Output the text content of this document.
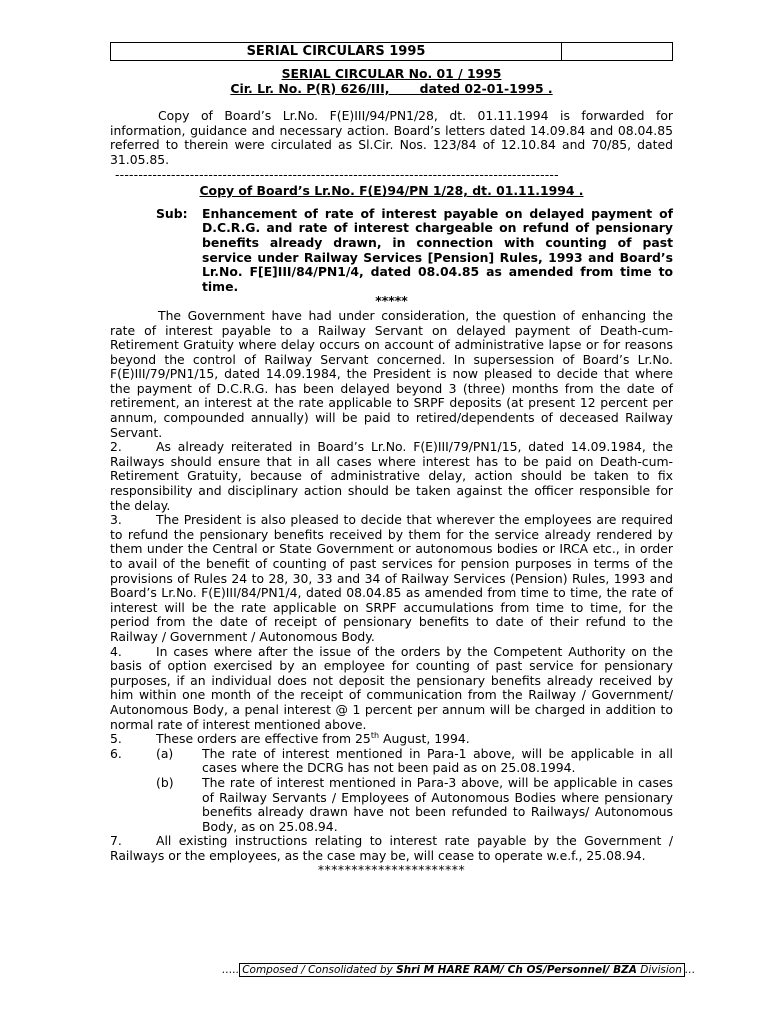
SERIAL CIRCULARS 1995
SERIAL CIRCULAR No. 01 / 1995
Cir. Lr. No. P(R) 626/III,       dated 02-01-1995 .

Copy of Board’s Lr.No. F(E)III/94/PN1/28, dt. 01.11.1994 is forwarded for information, guidance and necessary action. Board’s letters dated 14.09.84 and 08.04.85 referred to therein were circulated as Sl.Cir. Nos. 123/84 of 12.10.84 and 70/85, dated 31.05.85.

-----------------------------------------------------------------------------------------------
Copy of Board’s Lr.No. F(E)94/PN 1/28, dt. 01.11.1994 .
Sub:	Enhancement of rate of interest payable on delayed payment of D.C.R.G. and rate of interest chargeable on refund of pensionary benefits already drawn, in connection with counting of past service under Railway Services [Pension] Rules, 1993 and Board’s Lr.No. F[E]III/84/PN1/4, dated 08.04.85 as amended from time to time.
*****

The Government have had under consideration, the question of enhancing the rate of interest payable to a Railway Servant on delayed payment of Death-cum-Retirement Gratuity where delay occurs on account of administrative lapse or for reasons beyond the control of Railway Servant concerned. In supersession of Board’s Lr.No. F(E)III/79/PN1/15, dated 14.09.1984, the President is now pleased to decide that where the payment of D.C.R.G. has been delayed beyond 3 (three) months from the date of retirement, an interest at the rate applicable to SRPF deposits (at present 12 percent per annum, compounded annually) will be paid to retired/dependents of deceased Railway Servant.

2.	As already reiterated in Board’s Lr.No. F(E)III/79/PN1/15, dated 14.09.1984, the Railways should ensure that in all cases where interest has to be paid on Death-cum-Retirement Gratuity, because of administrative delay, action should be taken to fix responsibility and disciplinary action should be taken against the officer responsible for the delay.

3.	The President is also pleased to decide that wherever the employees are required to refund the pensionary benefits received by them for the service already rendered by them under the Central or State Government or autonomous bodies or IRCA etc., in order to avail of the benefit of counting of past services for pension purposes in terms of the provisions of Rules 24 to 28, 30, 33 and 34 of Railway Services (Pension) Rules, 1993 and Board’s Lr.No. F(E)III/84/PN1/4, dated 08.04.85 as amended from time to time, the rate of interest will be the rate applicable on SRPF accumulations from time to time, for the period from the date of receipt of pensionary benefits to date of their refund to the Railway / Government / Autonomous Body.

4.	In cases where after the issue of the orders by the Competent Authority on the basis of option exercised by an employee for counting of past service for pensionary purposes, if an individual does not deposit the pensionary benefits already received by him within one month of the receipt of communication from the Railway / Government/ Autonomous Body, a penal interest @ 1 percent per annum will be charged in addition to normal rate of interest mentioned above.

5.	These orders are effective from 25th August, 1994.

6.	(a)	The rate of interest mentioned in Para-1 above, will be applicable in all cases where the DCRG has not been paid as on 25.08.1994.
(b)	The rate of interest mentioned in Para-3 above, will be applicable in cases of Railway Servants / Employees of Autonomous Bodies where pensionary benefits already drawn have not been refunded to Railways/ Autonomous Body, as on 25.08.94.

7.	All existing instructions relating to interest rate payable by the Government / Railways or the employees, as the case may be, will cease to operate w.e.f., 25.08.94.

**********************
….. Composed / Consolidated by Shri M HARE RAM/ Ch OS/Personnel/ BZA Division …
